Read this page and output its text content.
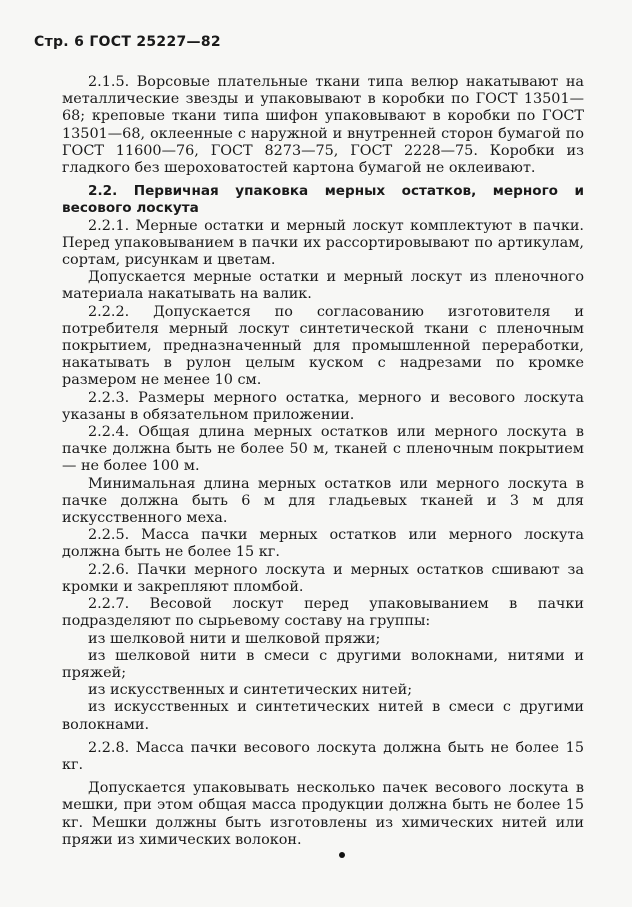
Стр. 6 ГОСТ 25227—82

2.1.5. Ворсовые плательные ткани типа велюр накатывают на металлические звезды и упаковывают в коробки по ГОСТ 13501—68; креповые ткани типа шифон упаковывают в коробки по ГОСТ 13501—68, оклеенные с наружной и внутренней сторон бумагой по ГОСТ 11600—76, ГОСТ 8273—75, ГОСТ 2228—75. Коробки из гладкого без шероховатостей картона бумагой не оклеивают.

2.2. Первичная упаковка мерных остатков, мерного и весового лоскута

2.2.1. Мерные остатки и мерный лоскут комплектуют в пачки. Перед упаковыванием в пачки их рассортировывают по артикулам, сортам, рисункам и цветам.

Допускается мерные остатки и мерный лоскут из пленочного материала накатывать на валик.

2.2.2. Допускается по согласованию изготовителя и потребителя мерный лоскут синтетической ткани с пленочным покрытием, предназначенный для промышленной переработки, накатывать в рулон целым куском с надрезами по кромке размером не менее 10 см.

2.2.3. Размеры мерного остатка, мерного и весового лоскута указаны в обязательном приложении.

2.2.4. Общая длина мерных остатков или мерного лоскута в пачке должна быть не более 50 м, тканей с пленочным покрытием — не более 100 м.

Минимальная длина мерных остатков или мерного лоскута в пачке должна быть 6 м для гладьевых тканей и 3 м для искусственного меха.

2.2.5. Масса пачки мерных остатков или мерного лоскута должна быть не более 15 кг.

2.2.6. Пачки мерного лоскута и мерных остатков сшивают за кромки и закрепляют пломбой.

2.2.7. Весовой лоскут перед упаковыванием в пачки подразделяют по сырьевому составу на группы:

из шелковой нити и шелковой пряжи;

из шелковой нити в смеси с другими волокнами, нитями и пряжей;

из искусственных и синтетических нитей;

из искусственных и синтетических нитей в смеси с другими волокнами.

2.2.8. Масса пачки весового лоскута должна быть не более 15 кг.

Допускается упаковывать несколько пачек весового лоскута в мешки, при этом общая масса продукции должна быть не более 15 кг. Мешки должны быть изготовлены из химических нитей или пряжи из химических волокон.
